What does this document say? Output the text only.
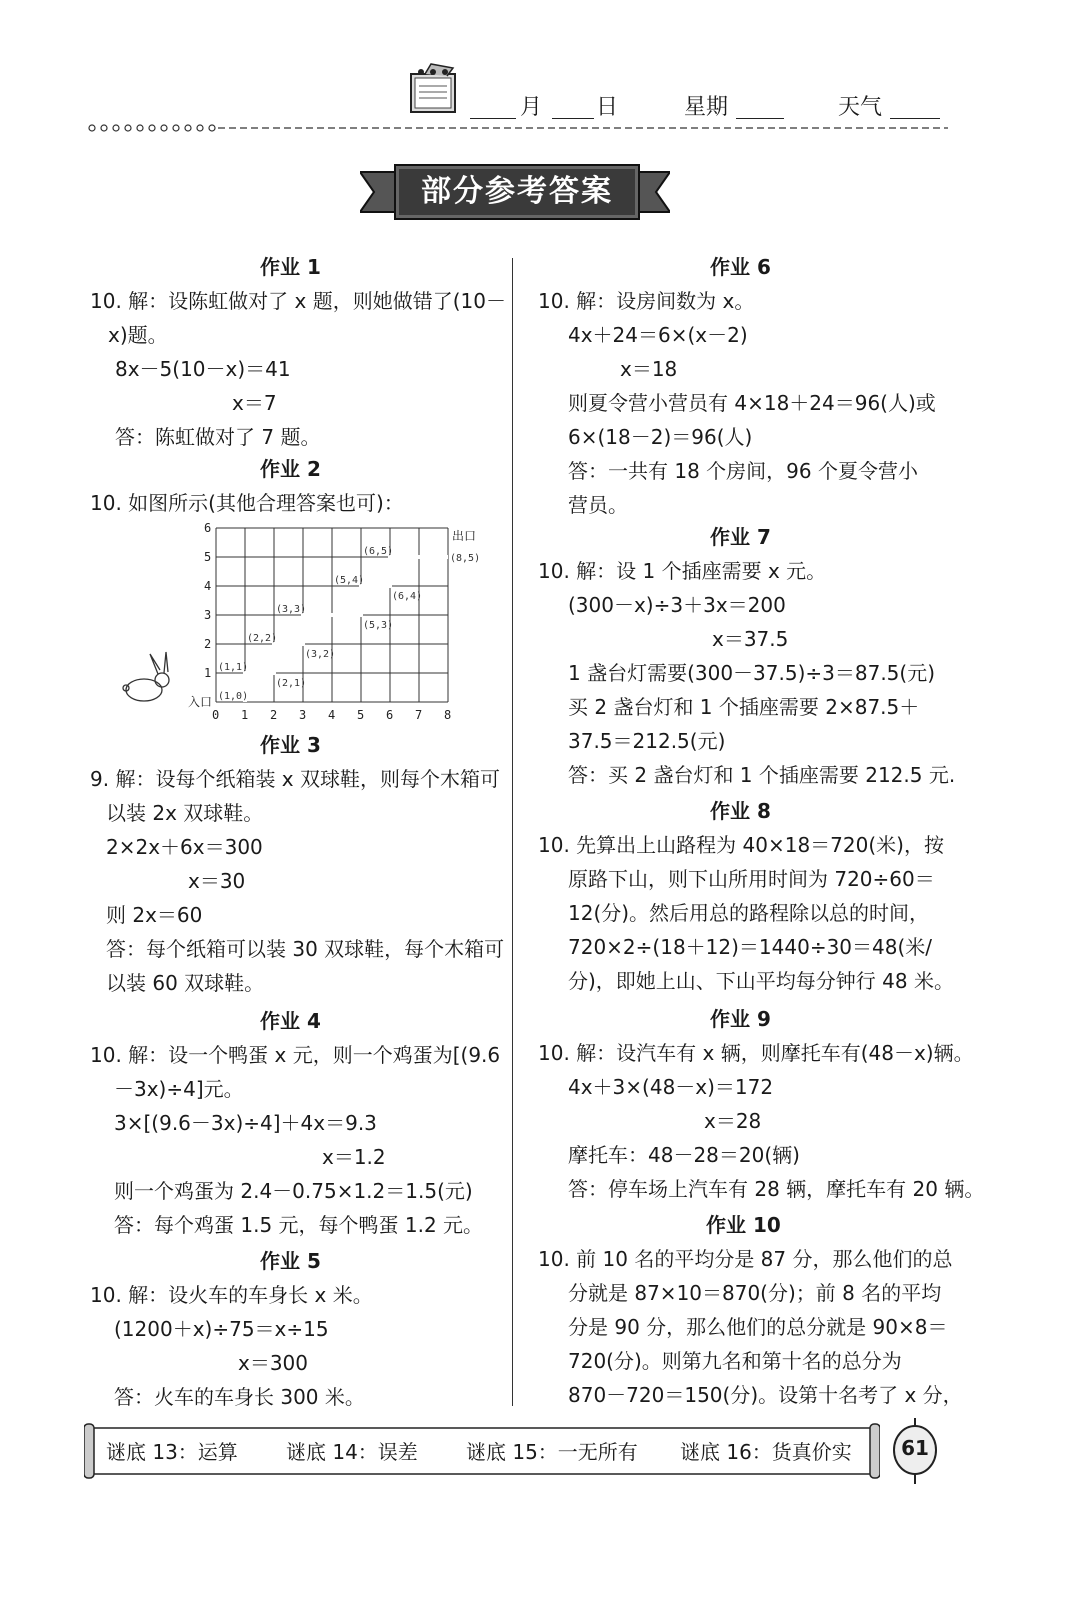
月 日	星期	天气
部分参考答案
作业 1
10. 解：设陈虹做对了 x 题，则她做错了(10－
x)题。
8x－5(10－x)＝41
x＝7
答：陈虹做对了 7 题。
作业 2
10. 如图所示(其他合理答案也可)：
0 1 2 3 4 5 6 7 8
1
2
3
4
5
6
(1,0)
(1,1)
(2,1)
(2,2)
(3,2)
(3,3)
(5,3)
(5,4)
(6,4)
(6,5)
(8,5)
出口
入口
作业 3
9. 解：设每个纸箱装 x 双球鞋，则每个木箱可
以装 2x 双球鞋。
2×2x＋6x＝300
x＝30
则 2x＝60
答：每个纸箱可以装 30 双球鞋，每个木箱可
以装 60 双球鞋。
作业 4
10. 解：设一个鸭蛋 x 元，则一个鸡蛋为[(9.6
－3x)÷4]元。
3×[(9.6－3x)÷4]＋4x＝9.3
x＝1.2
则一个鸡蛋为 2.4－0.75×1.2＝1.5(元)
答：每个鸡蛋 1.5 元，每个鸭蛋 1.2 元。
作业 5
10. 解：设火车的车身长 x 米。
(1200＋x)÷75＝x÷15
x＝300
答：火车的车身长 300 米。
作业 6
10. 解：设房间数为 x。
4x＋24＝6×(x－2)
x＝18
则夏令营小营员有 4×18＋24＝96(人)或
6×(18－2)＝96(人)
答：一共有 18 个房间，96 个夏令营小
营员。
作业 7
10. 解：设 1 个插座需要 x 元。
(300－x)÷3＋3x＝200
x＝37.5
1 盏台灯需要(300－37.5)÷3＝87.5(元)
买 2 盏台灯和 1 个插座需要 2×87.5＋
37.5＝212.5(元)
答：买 2 盏台灯和 1 个插座需要 212.5 元.
作业 8
10. 先算出上山路程为 40×18＝720(米)，按
原路下山，则下山所用时间为 720÷60＝
12(分)。然后用总的路程除以总的时间，
720×2÷(18＋12)＝1440÷30＝48(米/
分)，即她上山、下山平均每分钟行 48 米。
作业 9
10. 解：设汽车有 x 辆，则摩托车有(48－x)辆。
4x＋3×(48－x)＝172
x＝28
摩托车：48－28＝20(辆)
答：停车场上汽车有 28 辆，摩托车有 20 辆。
作业 10
10. 前 10 名的平均分是 87 分，那么他们的总
分就是 87×10＝870(分)；前 8 名的平均
分是 90 分，那么他们的总分就是 90×8＝
720(分)。则第九名和第十名的总分为
870－720＝150(分)。设第十名考了 x 分，
谜底 13：运算 谜底 14：误差 谜底 15：一无所有 谜底 16：货真价实	61
